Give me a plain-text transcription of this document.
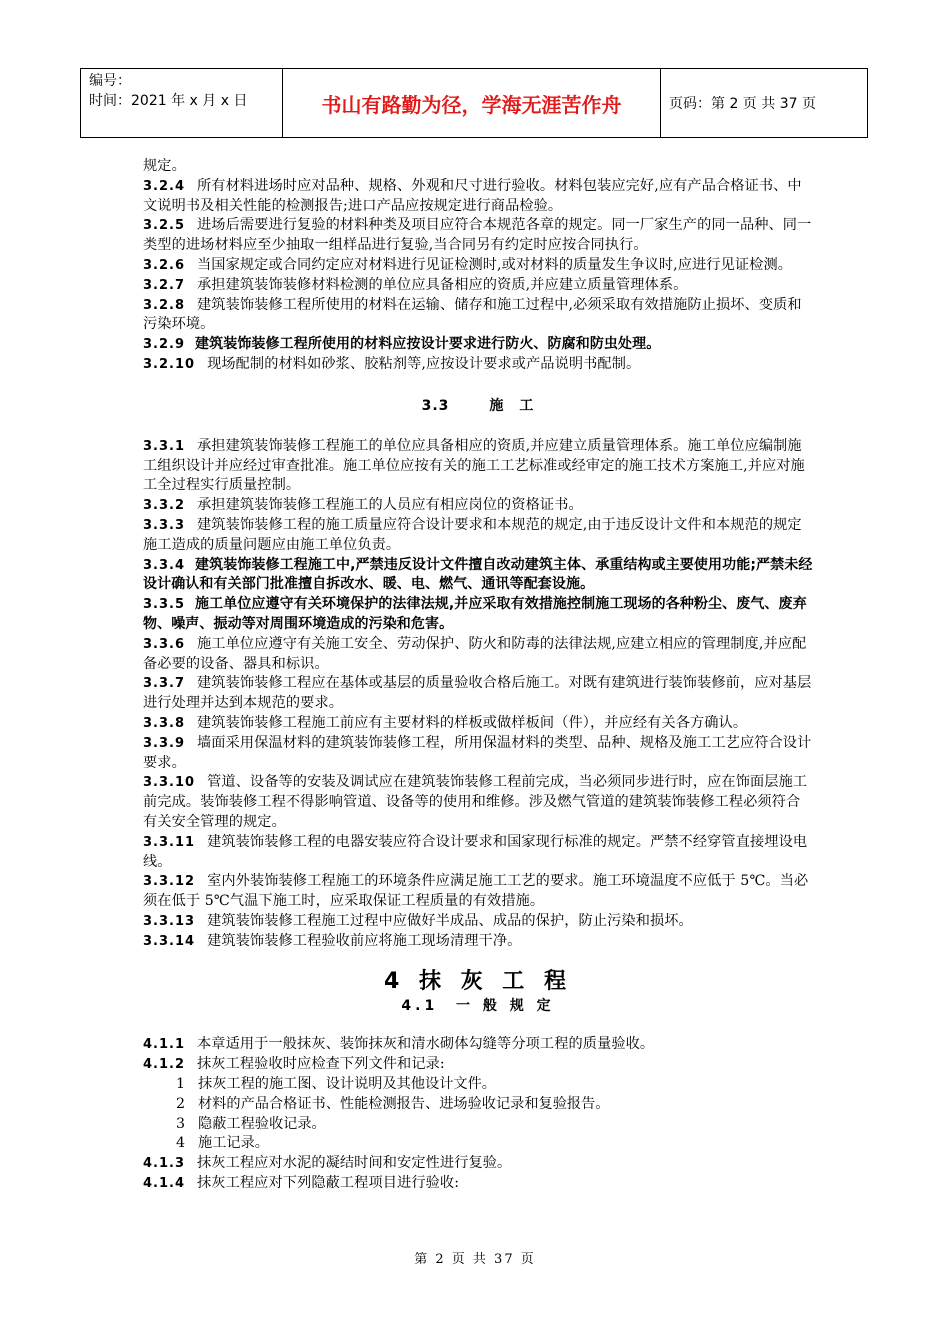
编号：
时间：2021 年 x 月 x 日	书山有路勤为径，学海无涯苦作舟	页码：第 2 页 共 37 页

规定。

3.2.4 所有材料进场时应对品种、规格、外观和尺寸进行验收。材料包装应完好,应有产品合格证书、中文说明书及相关性能的检测报告;进口产品应按规定进行商品检验。

3.2.5 进场后需要进行复验的材料种类及项目应符合本规范各章的规定。同一厂家生产的同一品种、同一类型的进场材料应至少抽取一组样品进行复验,当合同另有约定时应按合同执行。

3.2.6 当国家规定或合同约定应对材料进行见证检测时,或对材料的质量发生争议时,应进行见证检测。

3.2.7 承担建筑装饰装修材料检测的单位应具备相应的资质,并应建立质量管理体系。

3.2.8 建筑装饰装修工程所使用的材料在运输、储存和施工过程中,必须采取有效措施防止损坏、变质和污染环境。

3.2.9 建筑装饰装修工程所使用的材料应按设计要求进行防火、防腐和防虫处理。

3.2.10 现场配制的材料如砂浆、胶粘剂等,应按设计要求或产品说明书配制。

3.3	施　工

3.3.1 承担建筑装饰装修工程施工的单位应具备相应的资质,并应建立质量管理体系。施工单位应编制施工组织设计并应经过审查批准。施工单位应按有关的施工工艺标准或经审定的施工技术方案施工,并应对施工全过程实行质量控制。

3.3.2 承担建筑装饰装修工程施工的人员应有相应岗位的资格证书。

3.3.3 建筑装饰装修工程的施工质量应符合设计要求和本规范的规定,由于违反设计文件和本规范的规定施工造成的质量问题应由施工单位负责。

3.3.4 建筑装饰装修工程施工中,严禁违反设计文件擅自改动建筑主体、承重结构或主要使用功能;严禁未经设计确认和有关部门批准擅自拆改水、暖、电、燃气、通讯等配套设施。

3.3.5 施工单位应遵守有关环境保护的法律法规,并应采取有效措施控制施工现场的各种粉尘、废气、废弃物、噪声、振动等对周围环境造成的污染和危害。

3.3.6 施工单位应遵守有关施工安全、劳动保护、防火和防毒的法律法规,应建立相应的管理制度,并应配备必要的设备、器具和标识。

3.3.7 建筑装饰装修工程应在基体或基层的质量验收合格后施工。对既有建筑进行装饰装修前，应对基层进行处理并达到本规范的要求。

3.3.8 建筑装饰装修工程施工前应有主要材料的样板或做样板间（件），并应经有关各方确认。

3.3.9 墙面采用保温材料的建筑装饰装修工程，所用保温材料的类型、品种、规格及施工工艺应符合设计要求。

3.3.10 管道、设备等的安装及调试应在建筑装饰装修工程前完成，当必须同步进行时，应在饰面层施工前完成。装饰装修工程不得影响管道、设备等的使用和维修。涉及燃气管道的建筑装饰装修工程必须符合有关安全管理的规定。

3.3.11 建筑装饰装修工程的电器安装应符合设计要求和国家现行标准的规定。严禁不经穿管直接埋设电线。

3.3.12 室内外装饰装修工程施工的环境条件应满足施工工艺的要求。施工环境温度不应低于 5℃。当必须在低于 5℃气温下施工时，应采取保证工程质量的有效措施。

3.3.13 建筑装饰装修工程施工过程中应做好半成品、成品的保护，防止污染和损坏。

3.3.14 建筑装饰装修工程验收前应将施工现场清理干净。

4 抹 灰 工 程
4.1 一 般 规 定

4.1.1 本章适用于一般抹灰、装饰抹灰和清水砌体勾缝等分项工程的质量验收。

4.1.2 抹灰工程验收时应检查下列文件和记录:

1 抹灰工程的施工图、设计说明及其他设计文件。

2 材料的产品合格证书、性能检测报告、进场验收记录和复验报告。

3 隐蔽工程验收记录。

4 施工记录。

4.1.3 抹灰工程应对水泥的凝结时间和安定性进行复验。

4.1.4 抹灰工程应对下列隐蔽工程项目进行验收:

第 2 页 共 37 页
